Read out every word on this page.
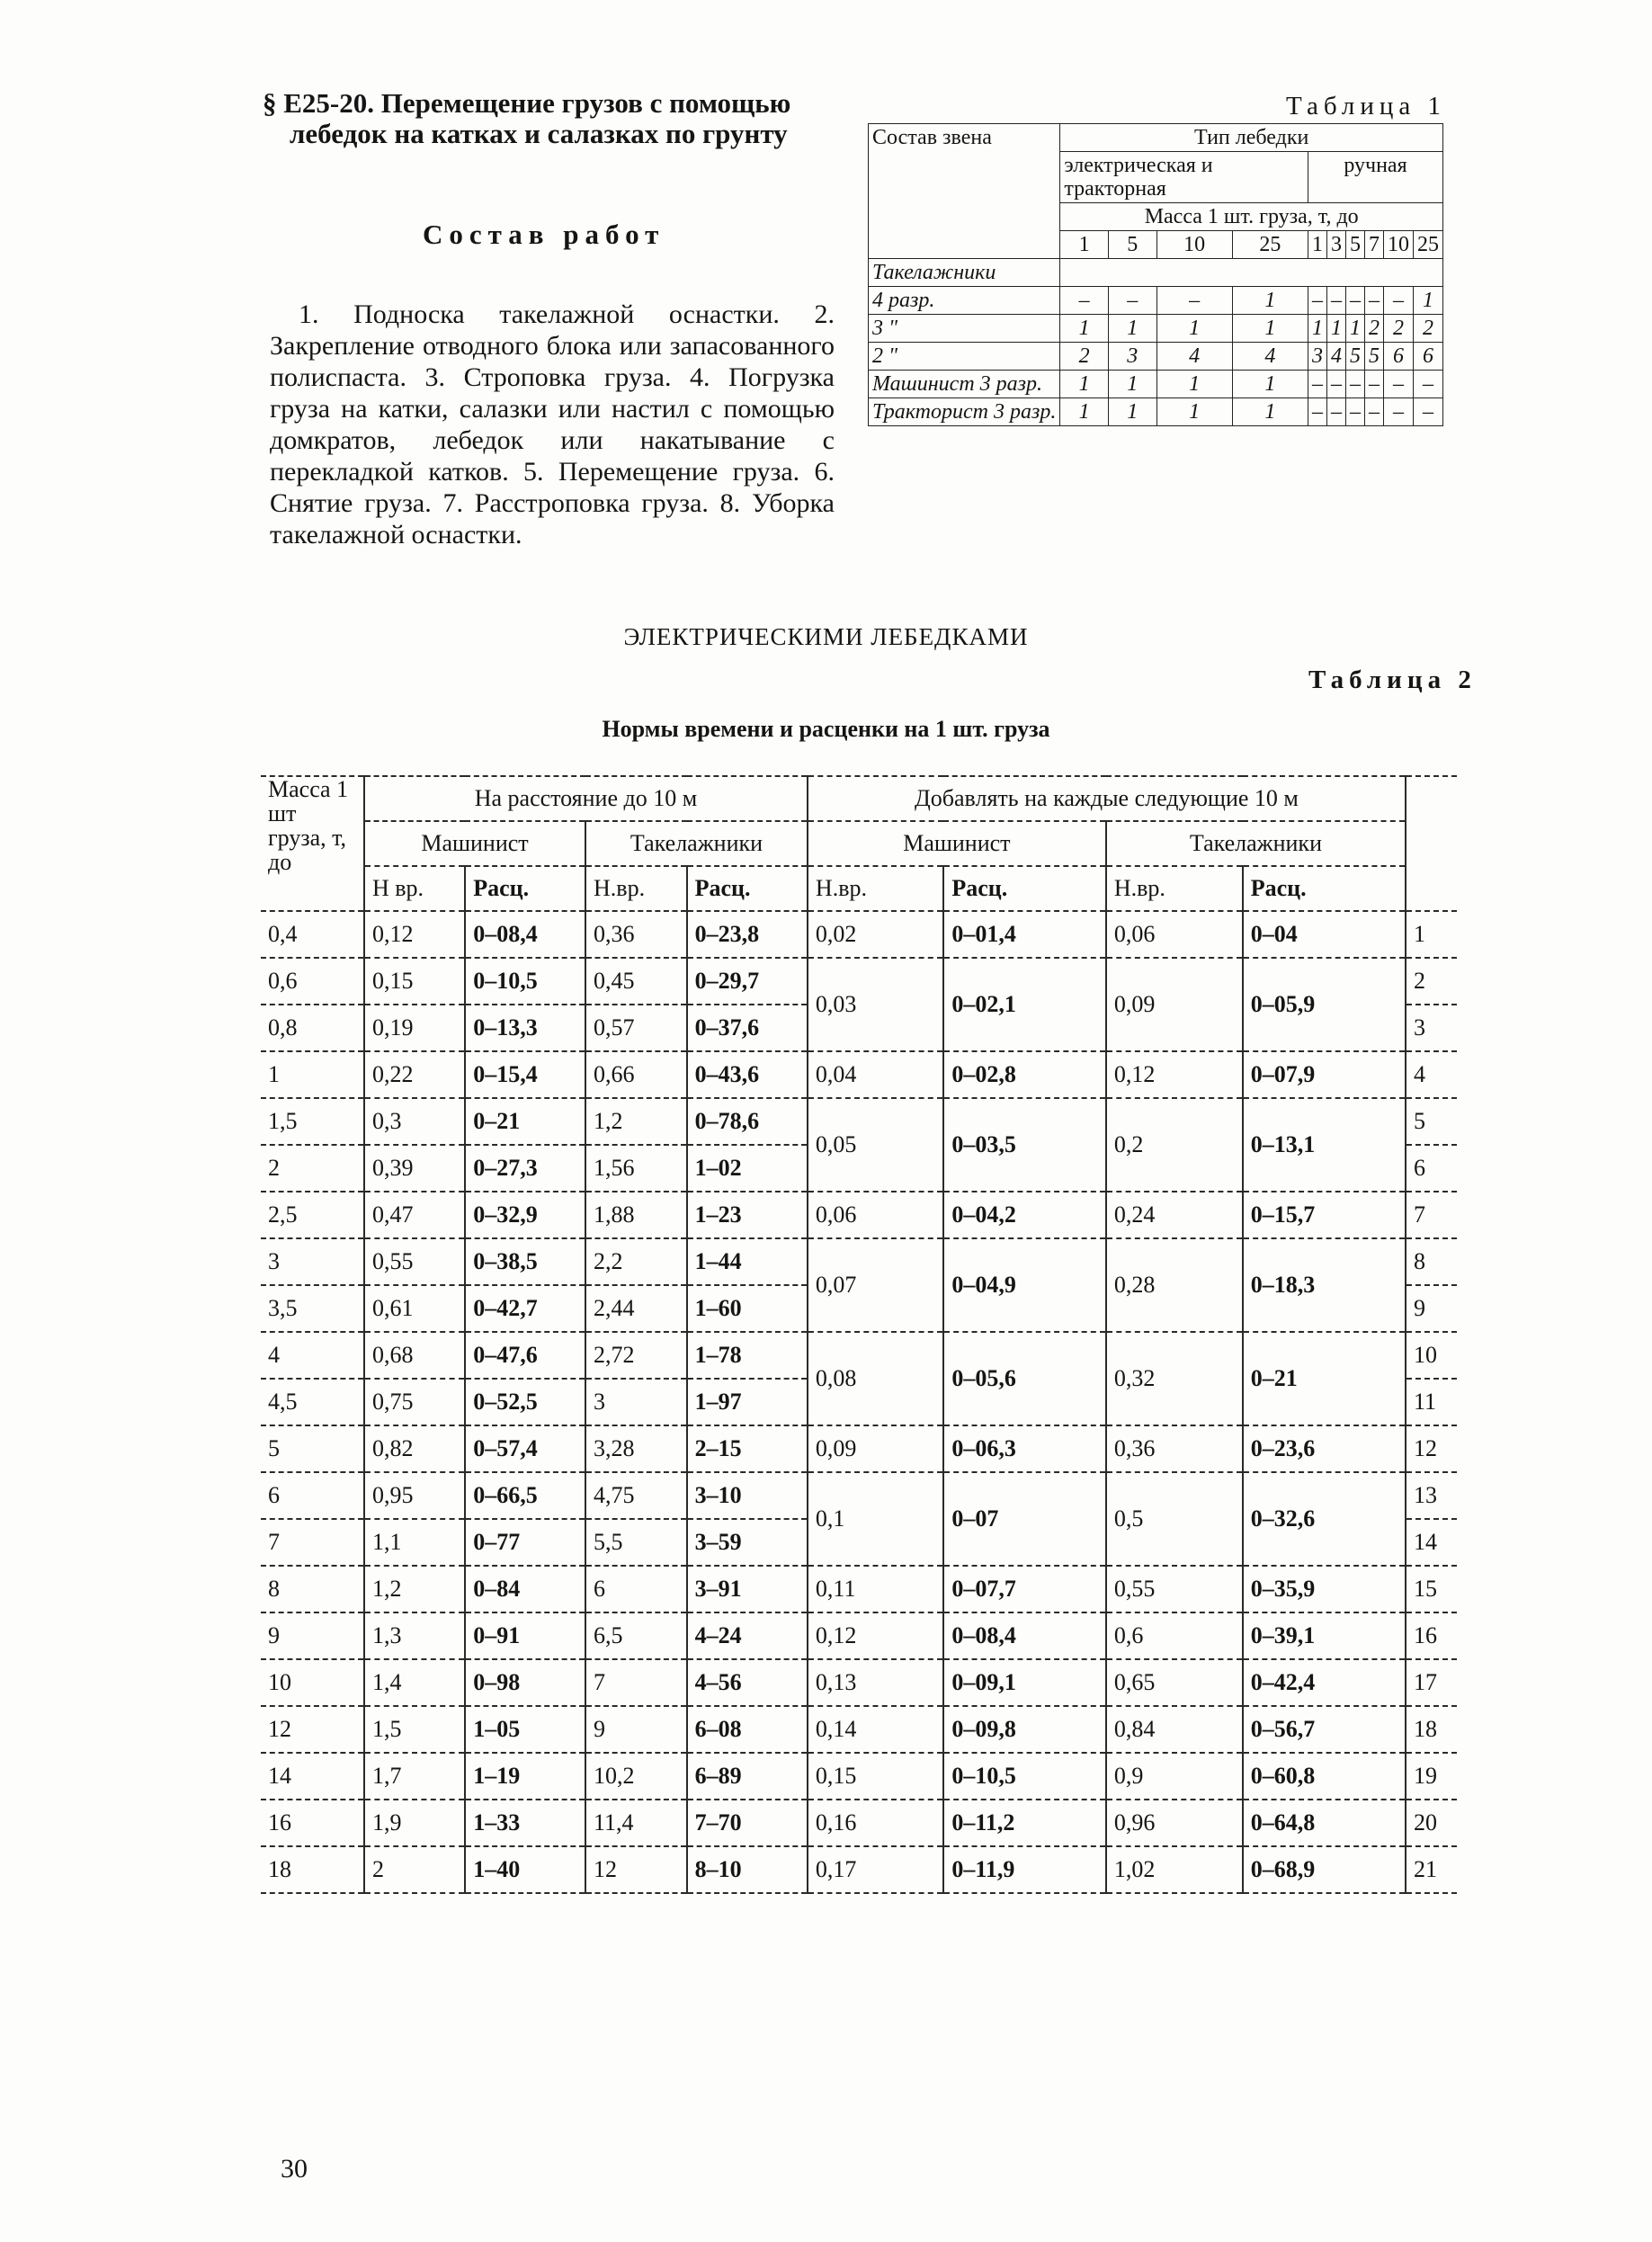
§ Е25-20. Перемещение грузов с помощью
лебедок на катках и салазках по грунту
Состав работ

1. Подноска такелажной оснастки. 2. Закрепление отводного блока или запасованного полиспаста. 3. Строповка груза. 4. Погрузка груза на катки, салазки или настил с помощью домкратов, лебедок или накатывание с перекладкой катков. 5. Перемещение груза. 6. Снятие груза. 7. Расстроповка груза. 8. Уборка такелажной оснастки.

Таблица 1
Состав звена	Тип лебедки									
	электрическая и тракторная				ручная					
	Масса 1 шт. груза, т, до									
	1	5	10	25	1	3	5	7	10	25
Такелажники										
4 разр.	–	–	–	1	–	–	–	–	–	1
3 "	1	1	1	1	1	1	1	2	2	2
2 "	2	3	4	4	3	4	5	5	6	6
Машинист 3 разр.	1	1	1	1	–	–	–	–	–	–
Тракторист 3 разр.	1	1	1	1	–	–	–	–	–	–
ЭЛЕКТРИЧЕСКИМИ ЛЕБЕДКАМИ
Таблица 2
Нормы времени и расценки на 1 шт. груза
Масса 1 шт груза, т, до	На расстояние до 10 м				Добавлять на каждые следующие 10 м				
	Машинист		Такелажники		Машинист		Такелажники		
	Н вр.	Расц.	Н.вр.	Расц.	Н.вр.	Расц.	Н.вр.	Расц.	
0,4	0,12	0–08,4	0,36	0–23,8	0,02	0–01,4	0,06	0–04	1
0,6	0,15	0–10,5	0,45	0–29,7	0,03	0–02,1	0,09	0–05,9	2
0,8	0,19	0–13,3	0,57	0–37,6					3
1	0,22	0–15,4	0,66	0–43,6	0,04	0–02,8	0,12	0–07,9	4
1,5	0,3	0–21	1,2	0–78,6	0,05	0–03,5	0,2	0–13,1	5
2	0,39	0–27,3	1,56	1–02					6
2,5	0,47	0–32,9	1,88	1–23	0,06	0–04,2	0,24	0–15,7	7
3	0,55	0–38,5	2,2	1–44	0,07	0–04,9	0,28	0–18,3	8
3,5	0,61	0–42,7	2,44	1–60					9
4	0,68	0–47,6	2,72	1–78	0,08	0–05,6	0,32	0–21	10
4,5	0,75	0–52,5	3	1–97					11
5	0,82	0–57,4	3,28	2–15	0,09	0–06,3	0,36	0–23,6	12
6	0,95	0–66,5	4,75	3–10	0,1	0–07	0,5	0–32,6	13
7	1,1	0–77	5,5	3–59					14
8	1,2	0–84	6	3–91	0,11	0–07,7	0,55	0–35,9	15
9	1,3	0–91	6,5	4–24	0,12	0–08,4	0,6	0–39,1	16
10	1,4	0–98	7	4–56	0,13	0–09,1	0,65	0–42,4	17
12	1,5	1–05	9	6–08	0,14	0–09,8	0,84	0–56,7	18
14	1,7	1–19	10,2	6–89	0,15	0–10,5	0,9	0–60,8	19
16	1,9	1–33	11,4	7–70	0,16	0–11,2	0,96	0–64,8	20
18	2	1–40	12	8–10	0,17	0–11,9	1,02	0–68,9	21
30
